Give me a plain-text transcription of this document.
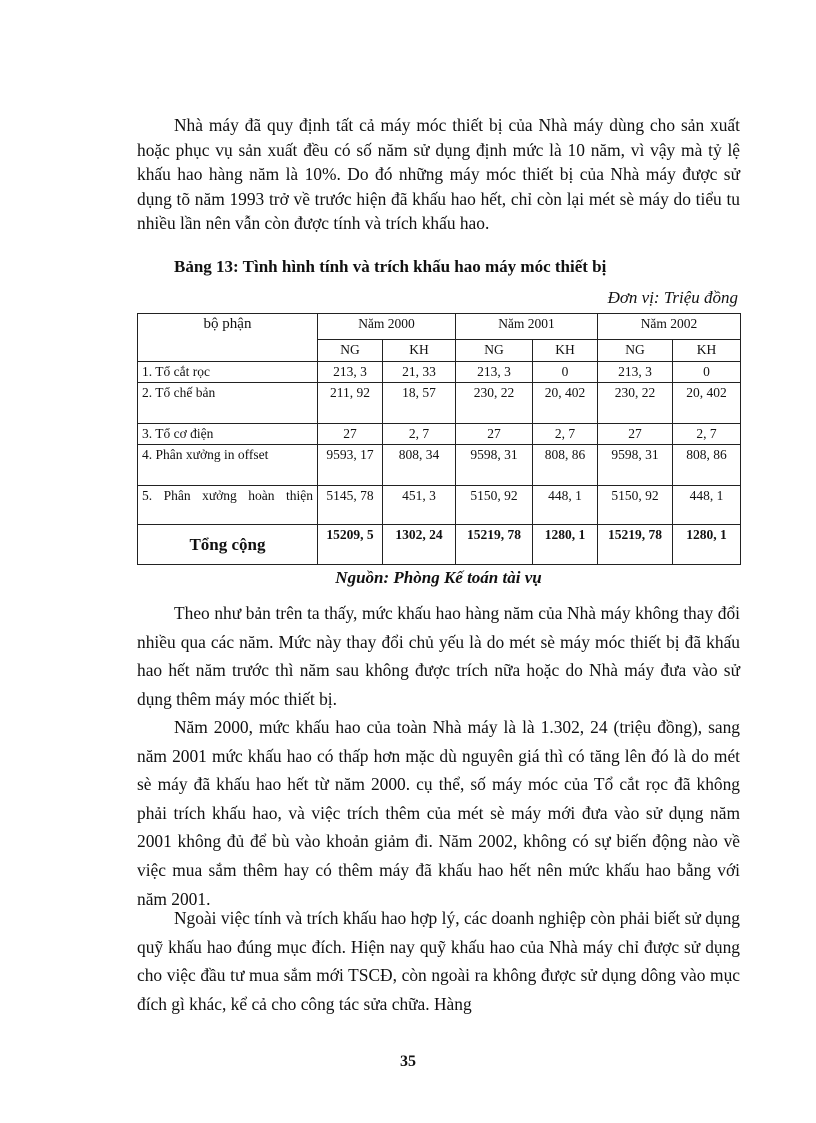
Nhà máy đã quy định tất cả máy móc thiết bị của Nhà máy dùng cho sản xuất hoặc phục vụ sản xuất đều có số năm sử dụng định mức là 10 năm, vì vậy mà tỷ lệ khấu hao hàng năm là 10%. Do đó những máy móc thiết bị của Nhà máy được sử dụng tõ năm 1993 trở về trước hiện đã khấu hao hết, chỉ còn lại mét sè máy do tiểu tu nhiều lần nên vẫn còn được tính và trích khấu hao.

Bảng 13: Tình hình tính và trích khấu hao máy móc thiết bị

Đơn vị: Triệu đồng

bộ phận	Năm 2000		Năm 2001		Năm 2002	
	NG	KH	NG	KH	NG	KH
1. Tổ cắt rọc	213, 3	21, 33	213, 3	0	213, 3	0
2. Tổ chế bản	211, 92	18, 57	230, 22	20, 402	230, 22	20, 402
3. Tổ cơ điện	27	2, 7	27	2, 7	27	2, 7
4. Phân xưởng in offset	9593, 17	808, 34	9598, 31	808, 86	9598, 31	808, 86
5. Phân xưởng hoàn thiện	5145, 78	451, 3	5150, 92	448, 1	5150, 92	448, 1
Tổng cộng	15209, 5	1302, 24	15219, 78	1280, 1	15219, 78	1280, 1

Nguồn: Phòng Kế toán tài vụ

Theo như bản trên ta thấy, mức khấu hao hàng năm của Nhà máy không thay đổi nhiều qua các năm. Mức này thay đổi chủ yếu là do mét sè máy móc thiết bị đã khấu hao hết năm trước thì năm sau không được trích nữa hoặc do Nhà máy đưa vào sử dụng thêm máy móc thiết bị.

Năm 2000, mức khấu hao của toàn Nhà máy là là 1.302, 24 (triệu đồng), sang năm 2001 mức khấu hao có thấp hơn mặc dù nguyên giá thì có tăng lên đó là do mét sè máy đã khấu hao hết từ năm 2000. cụ thể, số máy móc của Tổ cắt rọc đã không phải trích khấu hao, và việc trích thêm của mét sè máy mới đưa vào sử dụng năm 2001 không đủ để bù vào khoản giảm đi. Năm 2002, không có sự biến động nào về việc mua sắm thêm hay có thêm máy đã khấu hao hết nên mức khấu hao bằng với năm 2001.

Ngoài việc tính và trích khấu hao hợp lý, các doanh nghiệp còn phải biết sử dụng quỹ khấu hao đúng mục đích. Hiện nay quỹ khấu hao của Nhà máy chỉ được sử dụng cho việc đầu tư mua sắm mới TSCĐ, còn ngoài ra không được sử dụng dông vào mục đích gì khác, kể cả cho công tác sửa chữa. Hàng

35
